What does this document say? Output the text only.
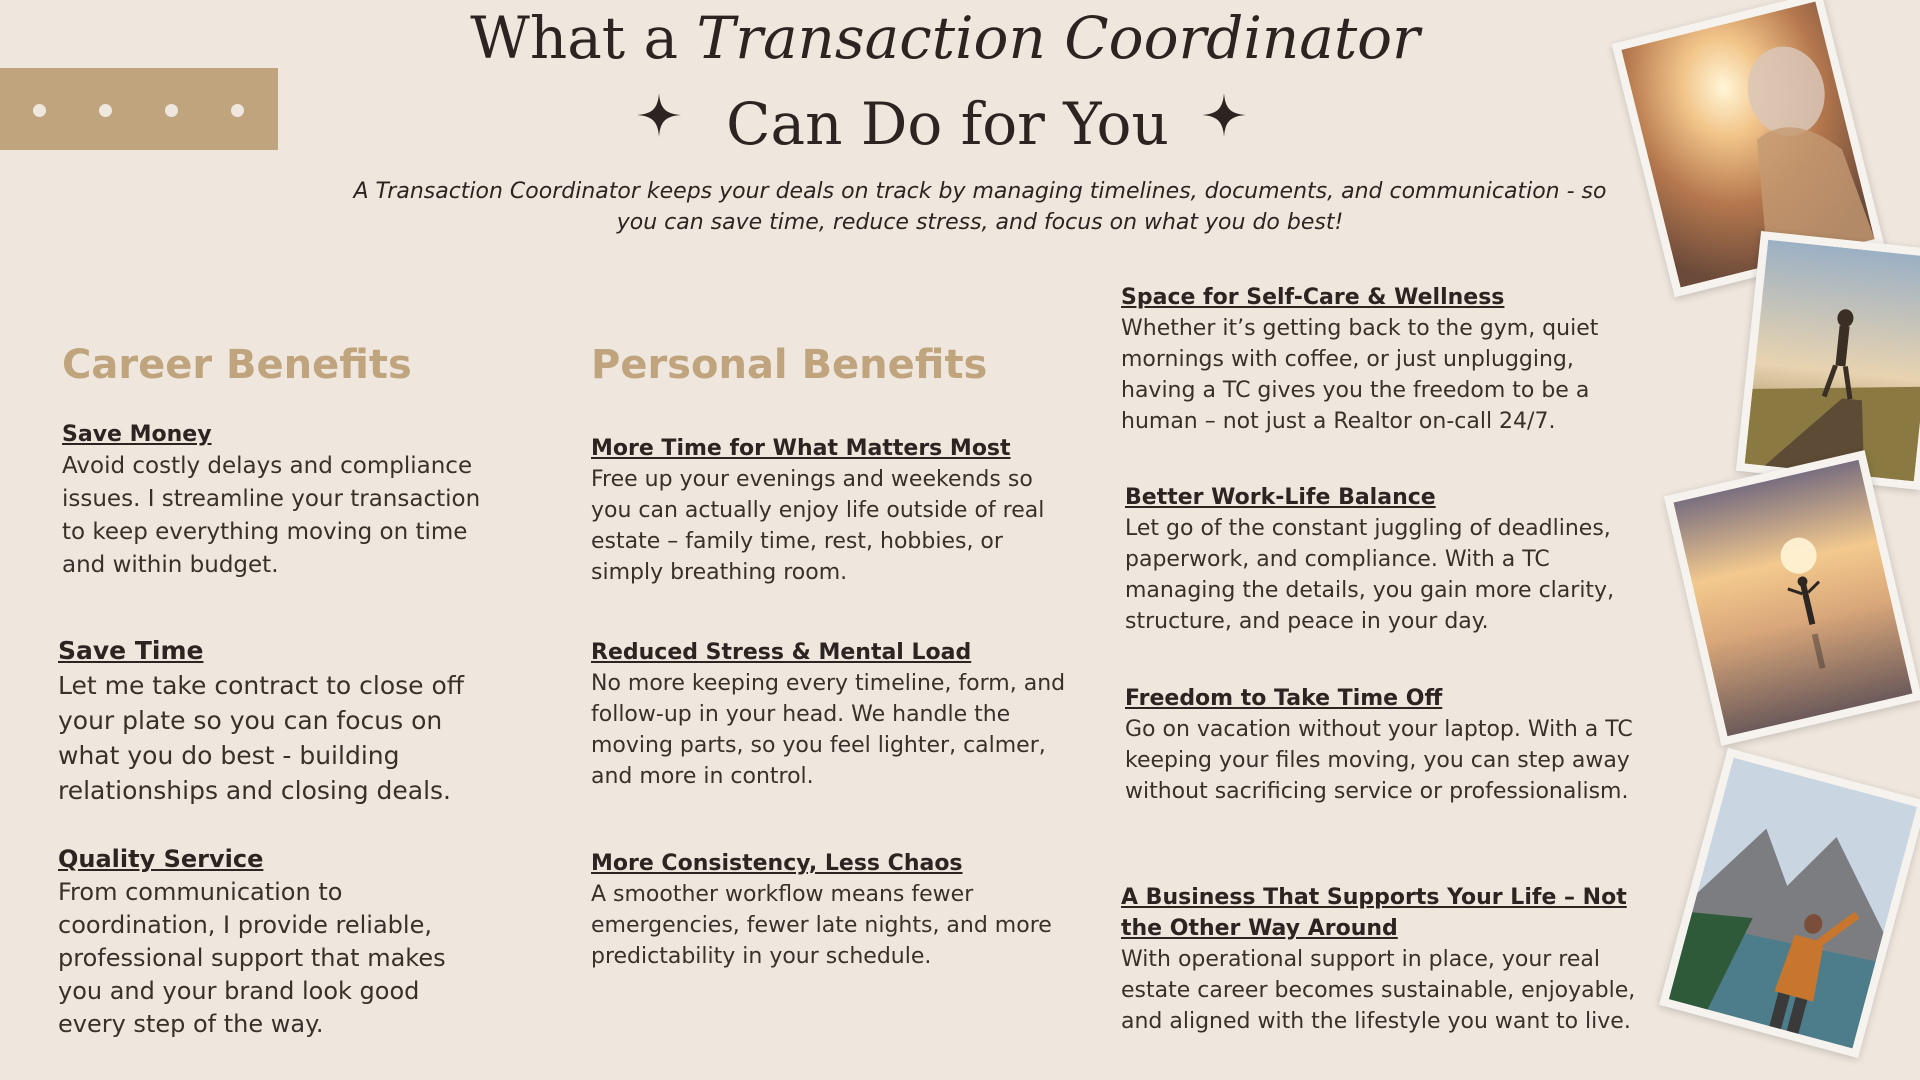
What a Transaction Coordinator
Can Do for You
A Transaction Coordinator keeps your deals on track by managing timelines, documents, and communication - so you can save time, reduce stress, and focus on what you do best!
Career Benefits
Save Money

Avoid costly delays and compliance issues. I streamline your transaction to keep everything moving on time and within budget.

Save Time

Let me take contract to close off your plate so you can focus on what you do best - building relationships and closing deals.

Quality Service

From communication to coordination, I provide reliable, professional support that makes you and your brand look good every step of the way.

Personal Benefits
More Time for What Matters Most

Free up your evenings and weekends so you can actually enjoy life outside of real estate – family time, rest, hobbies, or simply breathing room.

Reduced Stress & Mental Load

No more keeping every timeline, form, and follow-up in your head. We handle the moving parts, so you feel lighter, calmer, and more in control.

More Consistency, Less Chaos

A smoother workflow means fewer emergencies, fewer late nights, and more predictability in your schedule.

Space for Self-Care & Wellness

Whether it’s getting back to the gym, quiet mornings with coffee, or just unplugging, having a TC gives you the freedom to be a human – not just a Realtor on-call 24/7.

Better Work-Life Balance

Let go of the constant juggling of deadlines, paperwork, and compliance. With a TC managing the details, you gain more clarity, structure, and peace in your day.

Freedom to Take Time Off

Go on vacation without your laptop. With a TC keeping your files moving, you can step away without sacrificing service or professionalism.

A Business That Supports Your Life – Not the Other Way Around

With operational support in place, your real estate career becomes sustainable, enjoyable, and aligned with the lifestyle you want to live.
